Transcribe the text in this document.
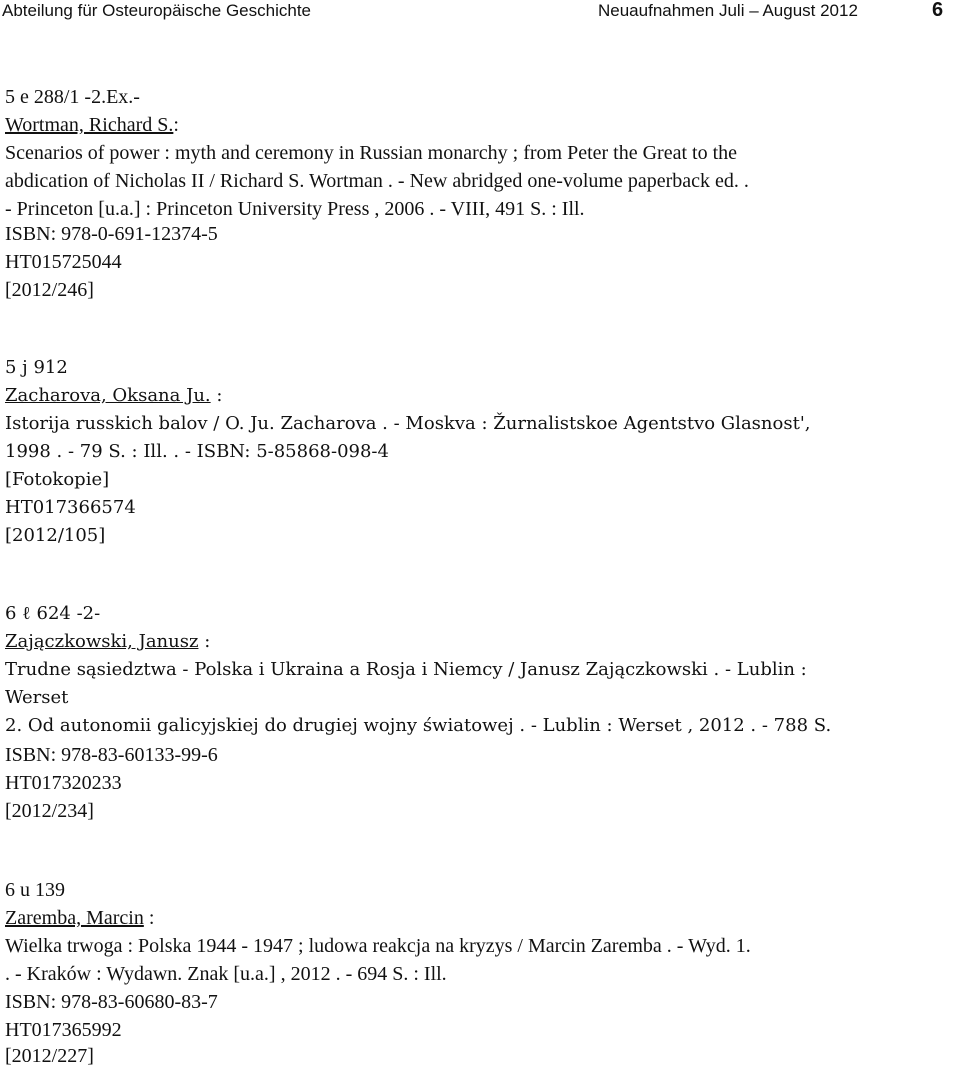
Abteilung für Osteuropäische Geschichte	Neuaufnahmen Juli – August 2012	6
5 e 288/1 -2.Ex.-
Wortman, Richard S.:
Scenarios of power : myth and ceremony in Russian monarchy ; from Peter the Great to the
abdication of Nicholas II / Richard S. Wortman . - New abridged one-volume paperback ed. .
- Princeton [u.a.] : Princeton University Press , 2006 . - VIII, 491 S. : Ill.
ISBN: 978-0-691-12374-5
HT015725044
[2012/246]
5 j 912
Zacharova, Oksana Ju. :
Istorija russkich balov / O. Ju. Zacharova . - Moskva : Žurnalistskoe Agentstvo Glasnost',
1998 . - 79 S. : Ill. . - ISBN: 5-85868-098-4
[Fotokopie]
HT017366574
[2012/105]
6 ℓ 624 -2-
Zajączkowski, Janusz :
Trudne sąsiedztwa - Polska i Ukraina a Rosja i Niemcy / Janusz Zajączkowski . - Lublin :
Werset
2. Od autonomii galicyjskiej do drugiej wojny światowej . - Lublin : Werset , 2012 . - 788 S.
ISBN: 978-83-60133-99-6
HT017320233
[2012/234]
6 u 139
Zaremba, Marcin :
Wielka trwoga : Polska 1944 - 1947 ; ludowa reakcja na kryzys / Marcin Zaremba . - Wyd. 1.
. - Kraków : Wydawn. Znak [u.a.] , 2012 . - 694 S. : Ill.
ISBN: 978-83-60680-83-7
HT017365992
[2012/227]
